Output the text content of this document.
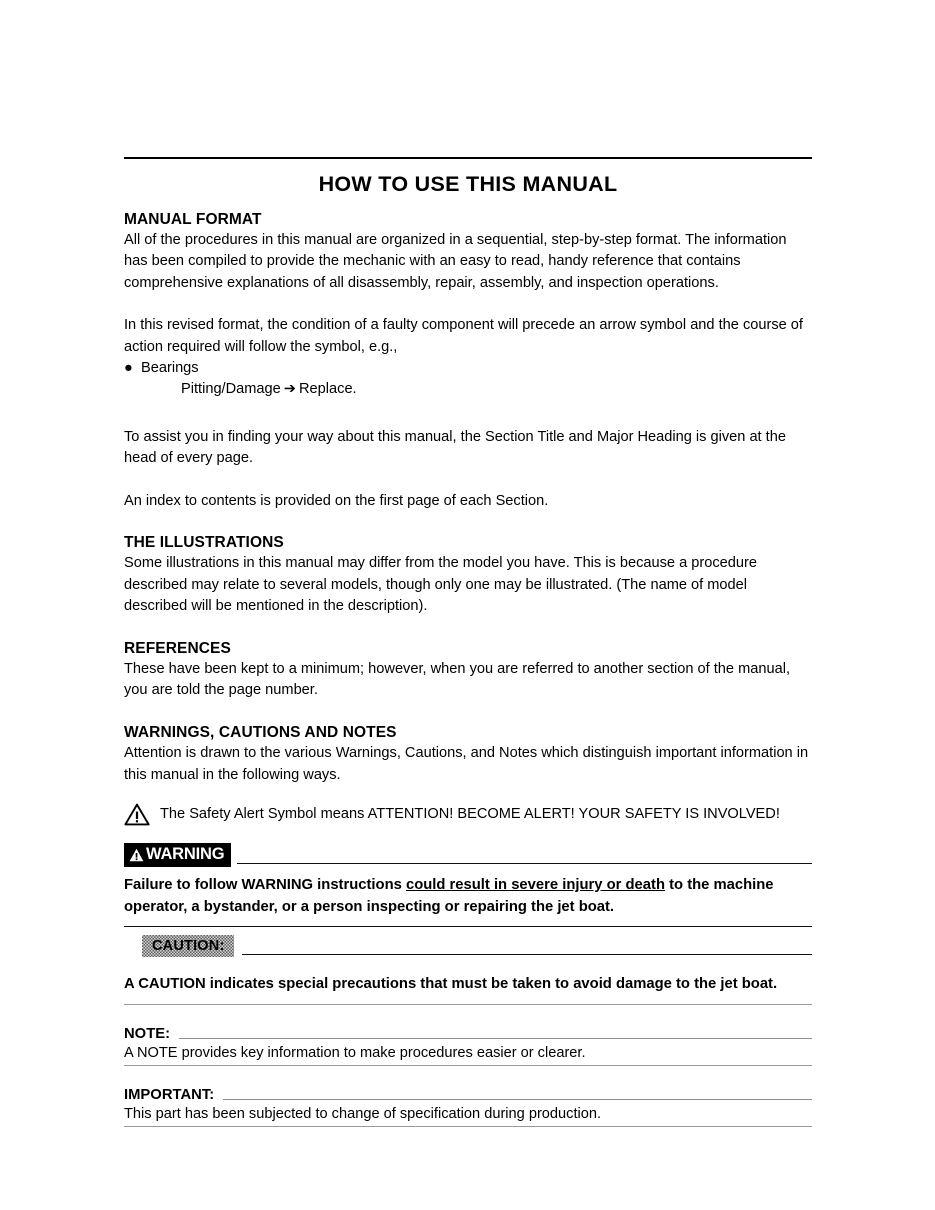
HOW TO USE THIS MANUAL
MANUAL FORMAT

All of the procedures in this manual are organized in a sequential, step-by-step format. The information has been compiled to provide the mechanic with an easy to read, handy reference that contains comprehensive explanations of all disassembly, repair, assembly, and inspection operations.

In this revised format, the condition of a faulty component will precede an arrow symbol and the course of action required will follow the symbol, e.g.,

● Bearings

Pitting/Damage ➔ Replace.

To assist you in finding your way about this manual, the Section Title and Major Heading is given at the head of every page.

An index to contents is provided on the first page of each Section.

THE ILLUSTRATIONS

Some illustrations in this manual may differ from the model you have. This is because a procedure described may relate to several models, though only one may be illustrated. (The name of model described will be mentioned in the description).

REFERENCES

These have been kept to a minimum; however, when you are referred to another section of the manual, you are told the page number.

WARNINGS, CAUTIONS AND NOTES

Attention is drawn to the various Warnings, Cautions, and Notes which distinguish important information in this manual in the following ways.

The Safety Alert Symbol means ATTENTION! BECOME ALERT! YOUR SAFETY IS INVOLVED!
WARNING

Failure to follow WARNING instructions could result in severe injury or death to the machine operator, a bystander, or a person inspecting or repairing the jet boat.

CAUTION:

A CAUTION indicates special precautions that must be taken to avoid damage to the jet boat.

NOTE:

A NOTE provides key information to make procedures easier or clearer.

IMPORTANT:

This part has been subjected to change of specification during production.
